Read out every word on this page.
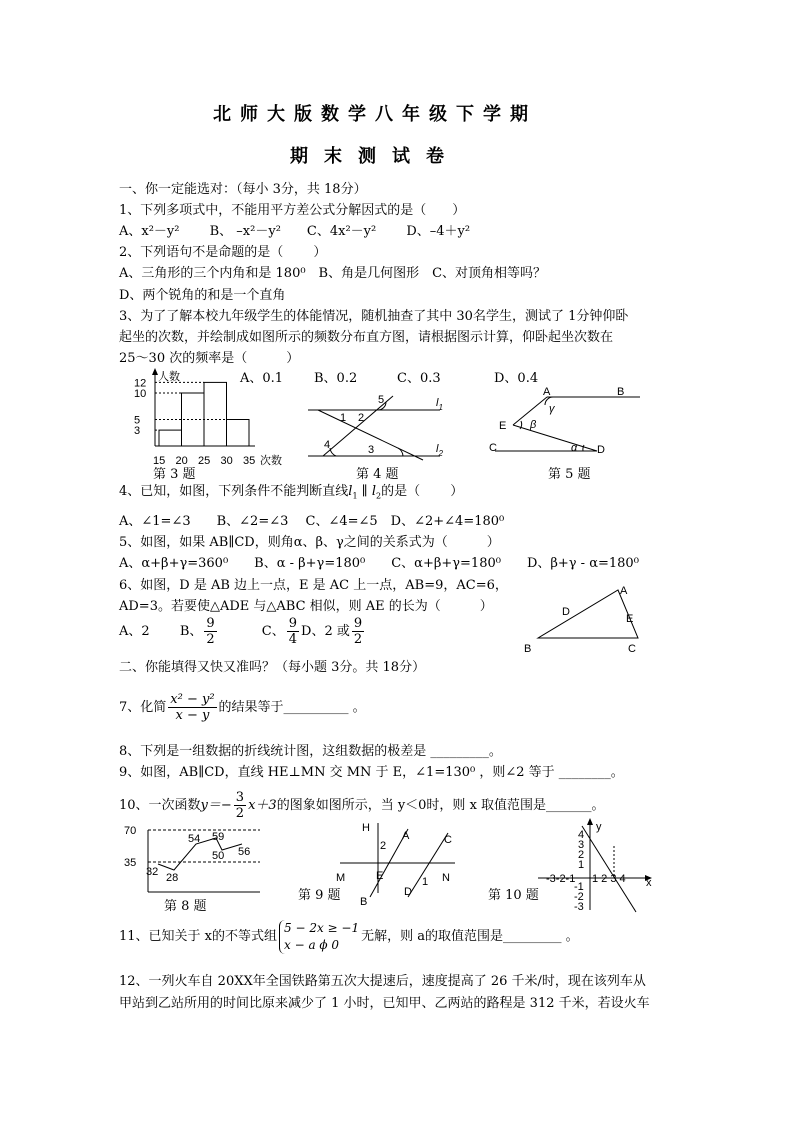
北师大版数学八年级下学期
期末测试卷
一、你一定能选对：（每小 3分，共 18分）
1、下列多项式中，不能用平方差公式分解因式的是（　　）
A、x²－y²　　 B、 –x²－y²　　C、4x²－y²　　 D、–4＋y²
2、下列语句不是命题的是（　　 ）
A、三角形的三个内角和是 180⁰　B、角是几何图形　C、对顶角相等吗？
D、两个锐角的和是一个直角
3、为了了解本校九年级学生的体能情况，随机抽查了其中 30名学生，测试了 1分钟仰卧
起坐的次数，并绘制成如图所示的频数分布直方图，请根据图示计算，仰卧起坐次数在
25～30 次的频率是（　　　）
A、0.1 B、0.2	C、0.3	D、0.4
人数
12
10
5
3
15 20 25 30 35 次数
第 3 题
5
1 2
4	3
$l_1$
$l_2$
第 4 题
A	B
E
C	D
γ
β
α
第 5 题
4、已知，如图，下列条件不能判断直线$l_1$ ∥ $l_2$的是（　　 ）
A、∠1=∠3　　B、∠2=∠3　 C、∠4=∠5　D、∠2+∠4=180⁰
5、如图，如果 AB∥CD，则角α、β、γ之间的关系式为（　　　）
A、α+β+γ=360⁰　　B、α - β+γ=180⁰　　C、α+β+γ=180⁰　　D、β+γ - α=180⁰
6、如图，D 是 AB 边上一点，E 是 AC 上一点，AB=9，AC=6，
AD=3。若要使△ADE 与△ABC 相似，则 AE 的长为（　　　）
A、2　　 B、 $\frac{9}{2}$
　　　	C、 $\frac{9}{4}$ D、2 或 $\frac{9}{2}$
A
D
E
B	C
二、你能填得又快又准吗？（每小题 3分。共 18分）
7、化简 $\frac{\text{x² − y²}}{x - y}$ 的结果等于__________ 。
8、下列是一组数据的折线统计图，这组数据的极差是 _________。
9、如图，AB∥CD，直线 HE⊥MN 交 MN 于 E，∠1=130⁰ ，则∠2 等于 ________。
10、一次函数$y=- \frac{3}{2} x+3$的图象如图所示，当 y＜0时，则 x 取值范围是_______。
70
35
32 28
54 59
50 56
第 8 题
H
A	C
2
M	E	N
1
D
B
第 9 题
y
x
4
3
2
1
-1
-2
-3
-3-2-1 1 2 3 4
第 10 题
11、已知关于 x的不等式组
5 − 2x ≥ −1
x − a ϕ 0
无解，则 a的取值范围是_________ 。
12、一列火车自 20XX年全国铁路第五次大提速后，速度提高了 26 千米/时，现在该列车从
甲站到乙站所用的时间比原来减少了 1 小时，已知甲、乙两站的路程是 312 千米，若设火车
